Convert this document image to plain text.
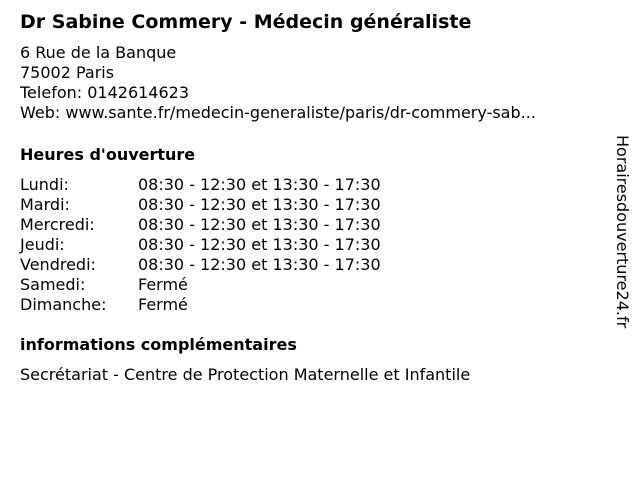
Dr Sabine Commery - Médecin généraliste
6 Rue de la Banque
75002 Paris
Telefon: 0142614623
Web: www.sante.fr/medecin-generaliste/paris/dr-commery-sab...
Heures d'ouverture
Lundi:	08:30 - 12:30 et 13:30 - 17:30
Mardi:	08:30 - 12:30 et 13:30 - 17:30
Mercredi:	08:30 - 12:30 et 13:30 - 17:30
Jeudi:	08:30 - 12:30 et 13:30 - 17:30
Vendredi:	08:30 - 12:30 et 13:30 - 17:30
Samedi:	Fermé
Dimanche: Fermé
informations complémentaires
Secrétariat - Centre de Protection Maternelle et Infantile
Horairesdouverture24.fr
